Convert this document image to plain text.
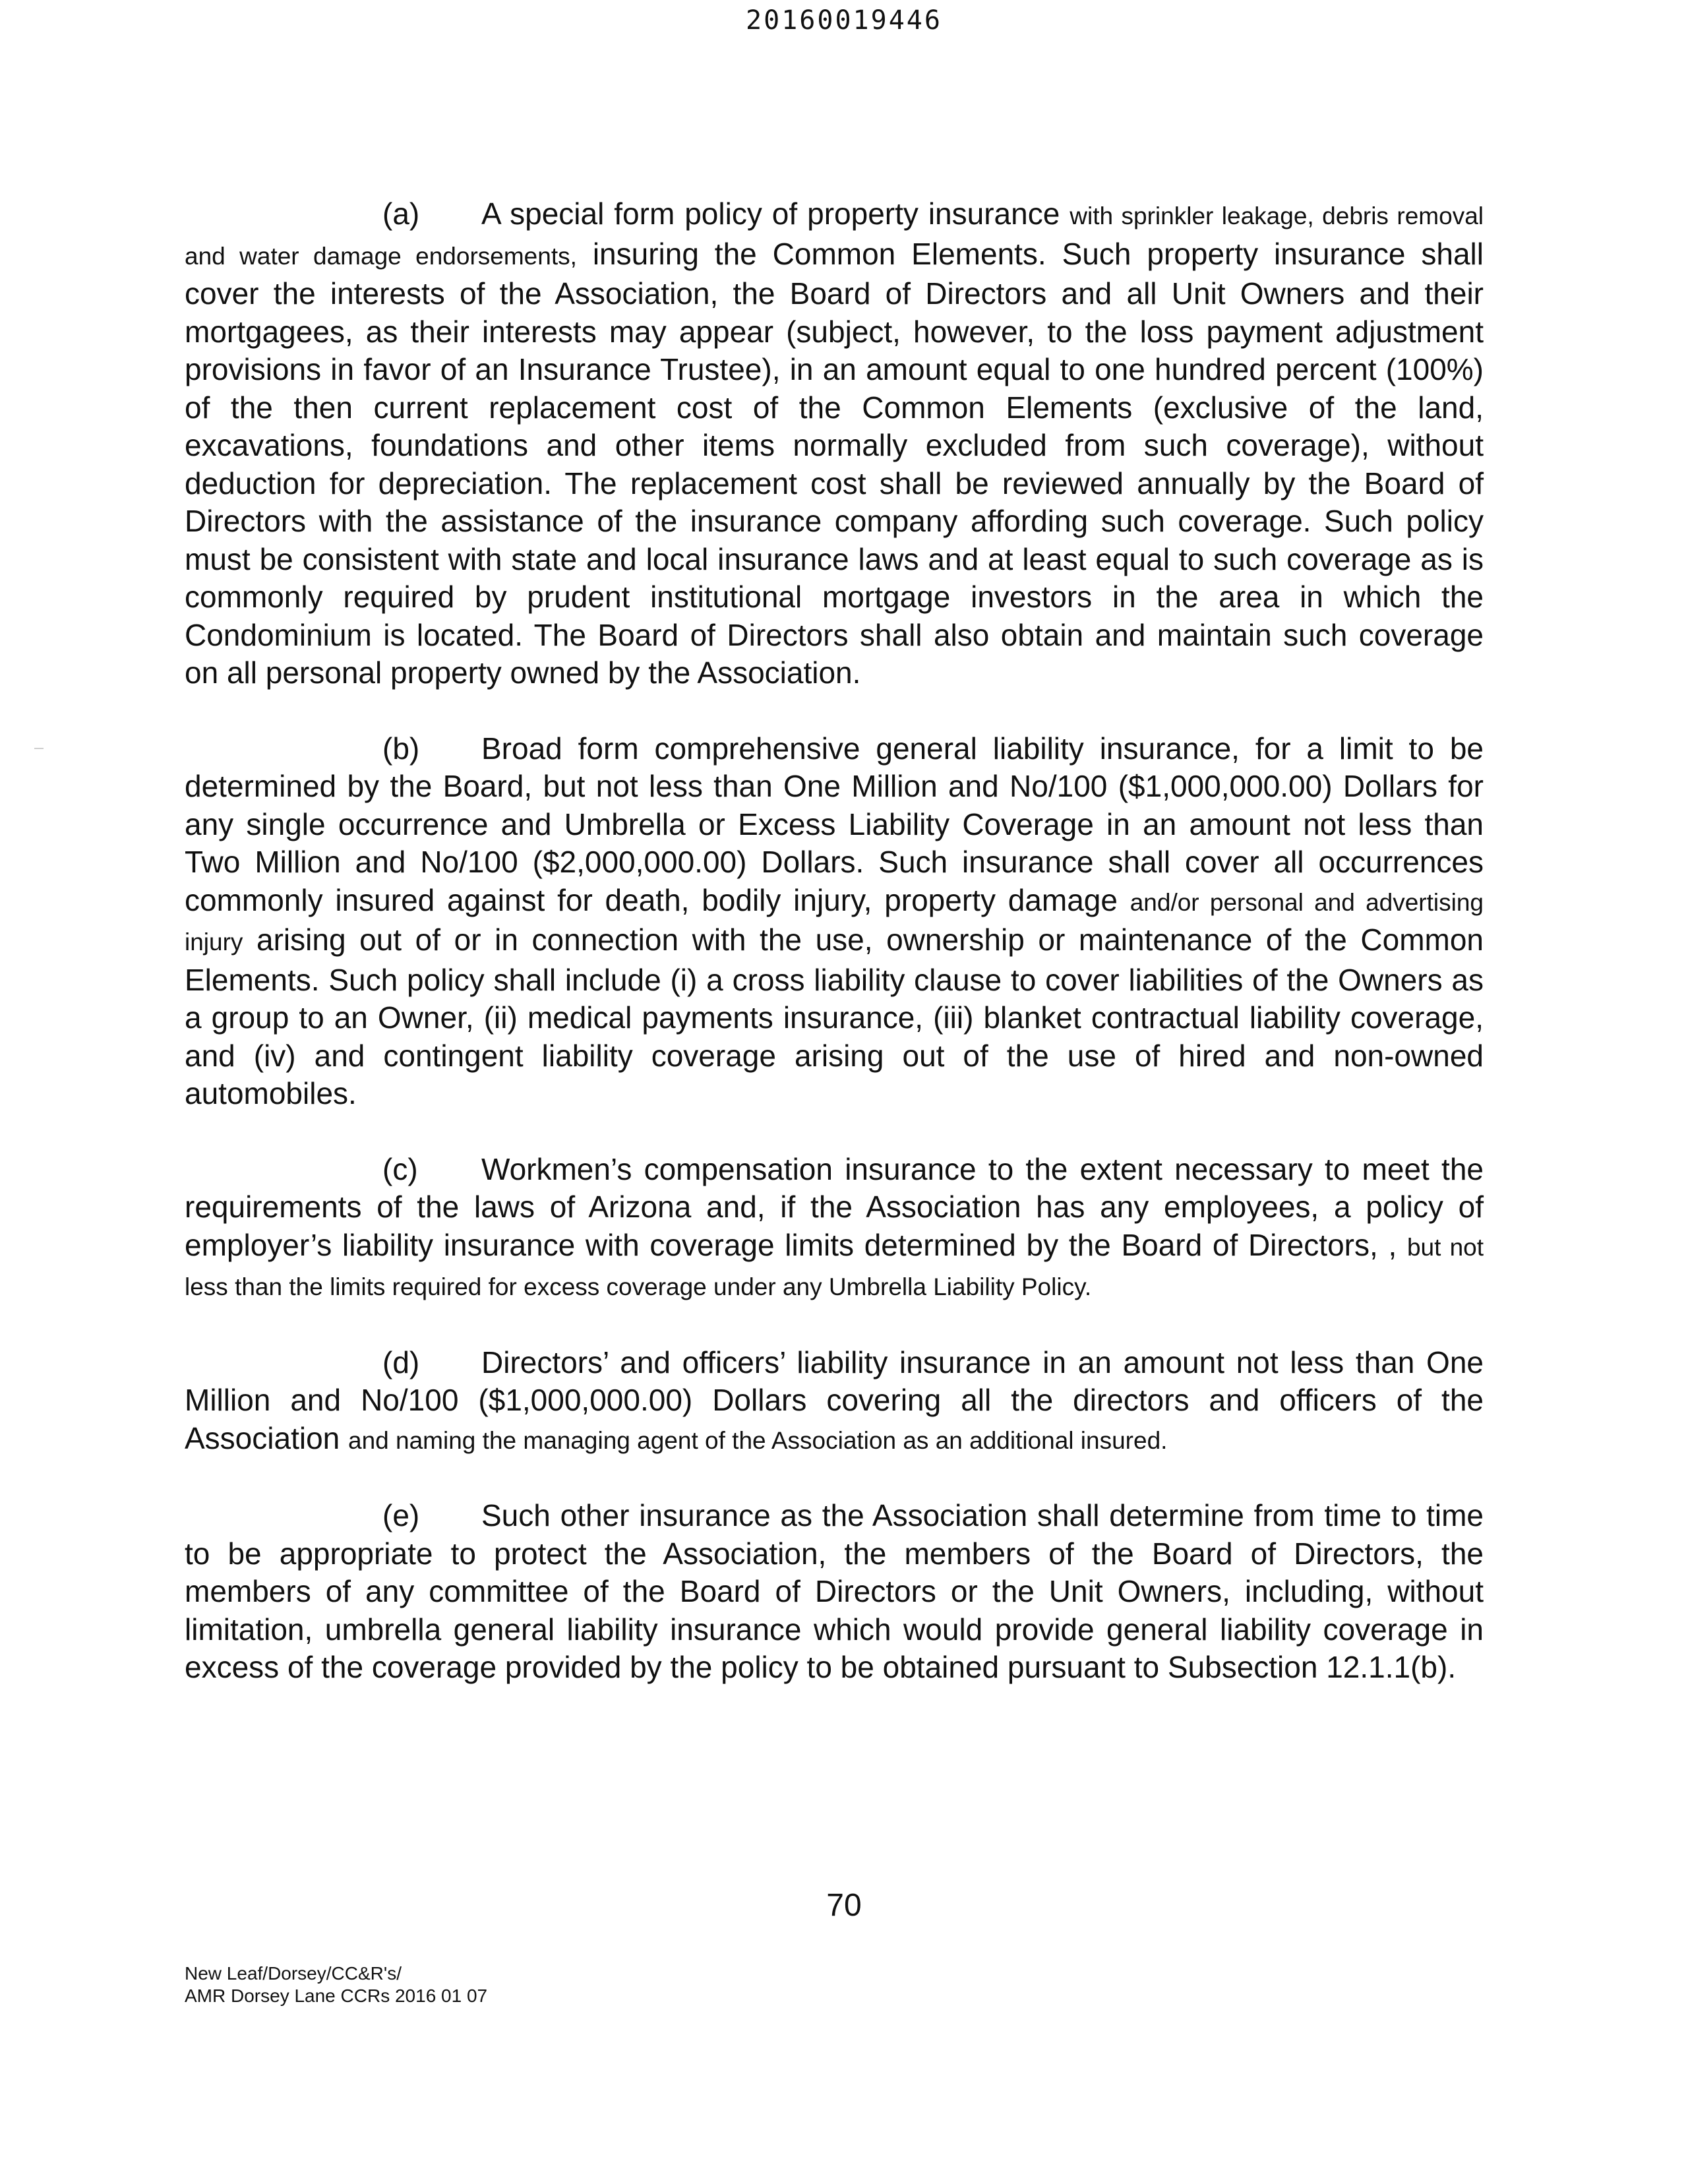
20160019446

(a) A special form policy of property insurance with sprinkler leakage, debris removal and water damage endorsements, insuring the Common Elements. Such property insurance shall cover the interests of the Association, the Board of Directors and all Unit Owners and their mortgagees, as their interests may appear (subject, however, to the loss payment adjustment provisions in favor of an Insurance Trustee), in an amount equal to one hundred percent (100%) of the then current replacement cost of the Common Elements (exclusive of the land, excavations, foundations and other items normally excluded from such coverage), without deduction for depreciation. The replacement cost shall be reviewed annually by the Board of Directors with the assistance of the insurance company affording such coverage. Such policy must be consistent with state and local insurance laws and at least equal to such coverage as is commonly required by prudent institutional mortgage investors in the area in which the Condominium is located. The Board of Directors shall also obtain and maintain such coverage on all personal property owned by the Association.

(b) Broad form comprehensive general liability insurance, for a limit to be determined by the Board, but not less than One Million and No/100 ($1,000,000.00) Dollars for any single occurrence and Umbrella or Excess Liability Coverage in an amount not less than Two Million and No/100 ($2,000,000.00) Dollars. Such insurance shall cover all occurrences commonly insured against for death, bodily injury, property damage and/or personal and advertising injury arising out of or in connection with the use, ownership or maintenance of the Common Elements. Such policy shall include (i) a cross liability clause to cover liabilities of the Owners as a group to an Owner, (ii) medical payments insurance, (iii) blanket contractual liability coverage, and (iv) and contingent liability coverage arising out of the use of hired and non-owned automobiles.

(c) Workmen’s compensation insurance to the extent necessary to meet the requirements of the laws of Arizona and, if the Association has any employees, a policy of employer’s liability insurance with coverage limits determined by the Board of Directors, , but not less than the limits required for excess coverage under any Umbrella Liability Policy.

(d) Directors’ and officers’ liability insurance in an amount not less than One Million and No/100 ($1,000,000.00) Dollars covering all the directors and officers of the Association and naming the managing agent of the Association as an additional insured.

(e) Such other insurance as the Association shall determine from time to time to be appropriate to protect the Association, the members of the Board of Directors, the members of any committee of the Board of Directors or the Unit Owners, including, without limitation, umbrella general liability insurance which would provide general liability coverage in excess of the coverage provided by the policy to be obtained pursuant to Subsection 12.1.1(b).

70
New Leaf/Dorsey/CC&R's/
AMR Dorsey Lane CCRs 2016 01 07
